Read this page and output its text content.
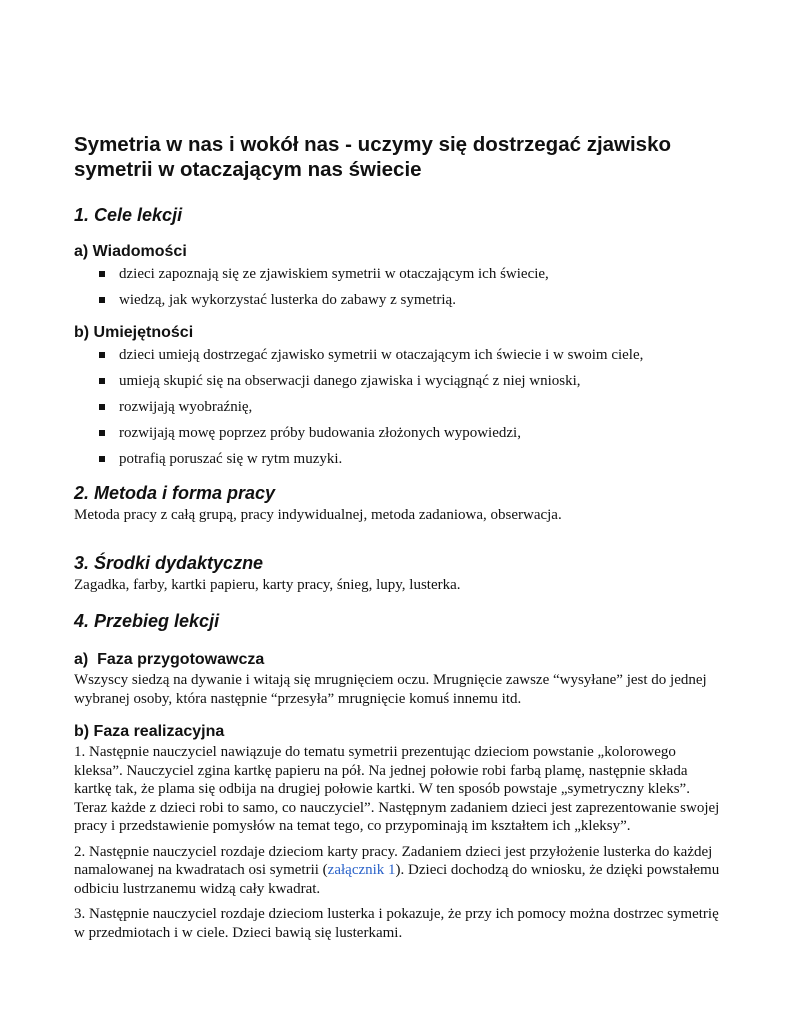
Symetria w nas i wokół nas - uczymy się dostrzegać zjawisko symetrii w otaczającym nas świecie
1. Cele lekcji
a) Wiadomości
dzieci zapoznają się ze zjawiskiem symetrii w otaczającym ich świecie,
wiedzą, jak wykorzystać lusterka do zabawy z symetrią.
b) Umiejętności
dzieci umieją dostrzegać zjawisko symetrii w otaczającym ich świecie i w swoim ciele,
umieją skupić się na obserwacji danego zjawiska i wyciągnąć z niej wnioski,
rozwijają wyobraźnię,
rozwijają mowę poprzez próby budowania złożonych wypowiedzi,
potrafią poruszać się w rytm muzyki.
2. Metoda i forma pracy

Metoda pracy z całą grupą, pracy indywidualnej, metoda zadaniowa, obserwacja.

3. Środki dydaktyczne

Zagadka, farby, kartki papieru, karty pracy, śnieg, lupy, lusterka.

4. Przebieg lekcji
a)  Faza przygotowawcza

Wszyscy siedzą na dywanie i witają się mrugnięciem oczu. Mrugnięcie zawsze “wysyłane” jest do jednej wybranej osoby, która następnie “przesyła” mrugnięcie komuś innemu itd.

b) Faza realizacyjna

1. Następnie nauczyciel nawiązuje do tematu symetrii prezentując dzieciom powstanie „kolorowego kleksa”. Nauczyciel zgina kartkę papieru na pół. Na jednej połowie robi farbą plamę, następnie składa kartkę tak, że plama się odbija na drugiej połowie kartki. W ten sposób powstaje „symetryczny kleks”. Teraz każde z dzieci robi to samo, co nauczyciel”. Następnym zadaniem dzieci jest zaprezentowanie swojej pracy i przedstawienie pomysłów na temat tego, co przypominają im kształtem ich „kleksy”.

2. Następnie nauczyciel rozdaje dzieciom karty pracy. Zadaniem dzieci jest przyłożenie lusterka do każdej namalowanej na kwadratach osi symetrii (załącznik 1). Dzieci dochodzą do wniosku, że dzięki powstałemu odbiciu lustrzanemu widzą cały kwadrat.

3. Następnie nauczyciel rozdaje dzieciom lusterka i pokazuje, że przy ich pomocy można dostrzec symetrię w przedmiotach i w ciele. Dzieci bawią się lusterkami.
